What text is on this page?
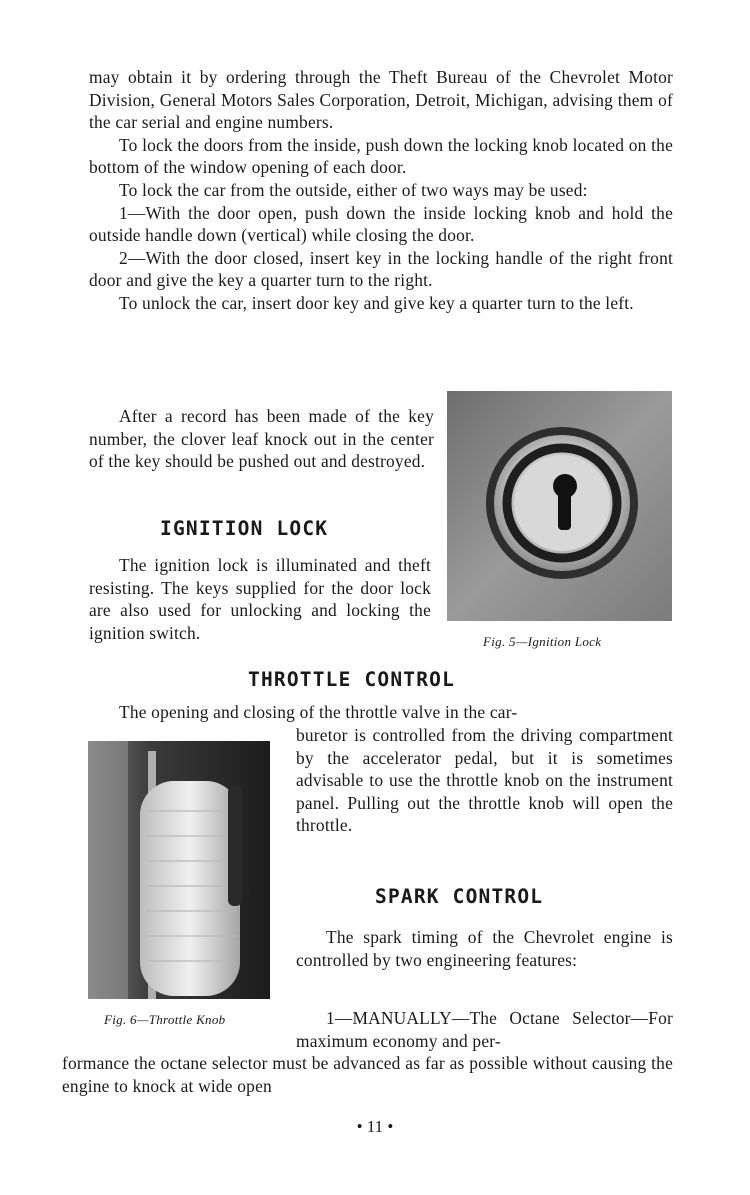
may obtain it by ordering through the Theft Bureau of the Chevrolet Motor Division, General Motors Sales Corporation, Detroit, Michigan, advising them of the car serial and engine numbers.

To lock the doors from the inside, push down the locking knob located on the bottom of the window opening of each door.

To lock the car from the outside, either of two ways may be used:

1—With the door open, push down the inside locking knob and hold the outside handle down (vertical) while closing the door.

2—With the door closed, insert key in the locking handle of the right front door and give the key a quarter turn to the right.

To unlock the car, insert door key and give key a quarter turn to the left.

After a record has been made of the key number, the clover leaf knock out in the center of the key should be pushed out and destroyed.

IGNITION LOCK

The ignition lock is illuminated and theft resisting. The keys supplied for the door lock are also used for unlocking and locking the ignition switch.	Fig. 5—Ignition Lock
THROTTLE CONTROL

The opening and closing of the throttle valve in the car-

buretor is controlled from the driving compartment by the accelerator pedal, but it is sometimes advisable to use the throttle knob on the instrument panel. Pulling out the throttle knob will open the throttle.

SPARK CONTROL

The spark timing of the Chevrolet engine is controlled by two engineering features:

Fig. 6—Throttle Knob	1—MANUALLY—The Octane Selector—For maximum economy and per-

formance the octane selector must be advanced as far as possible without causing the engine to knock at wide open

• 11 •
